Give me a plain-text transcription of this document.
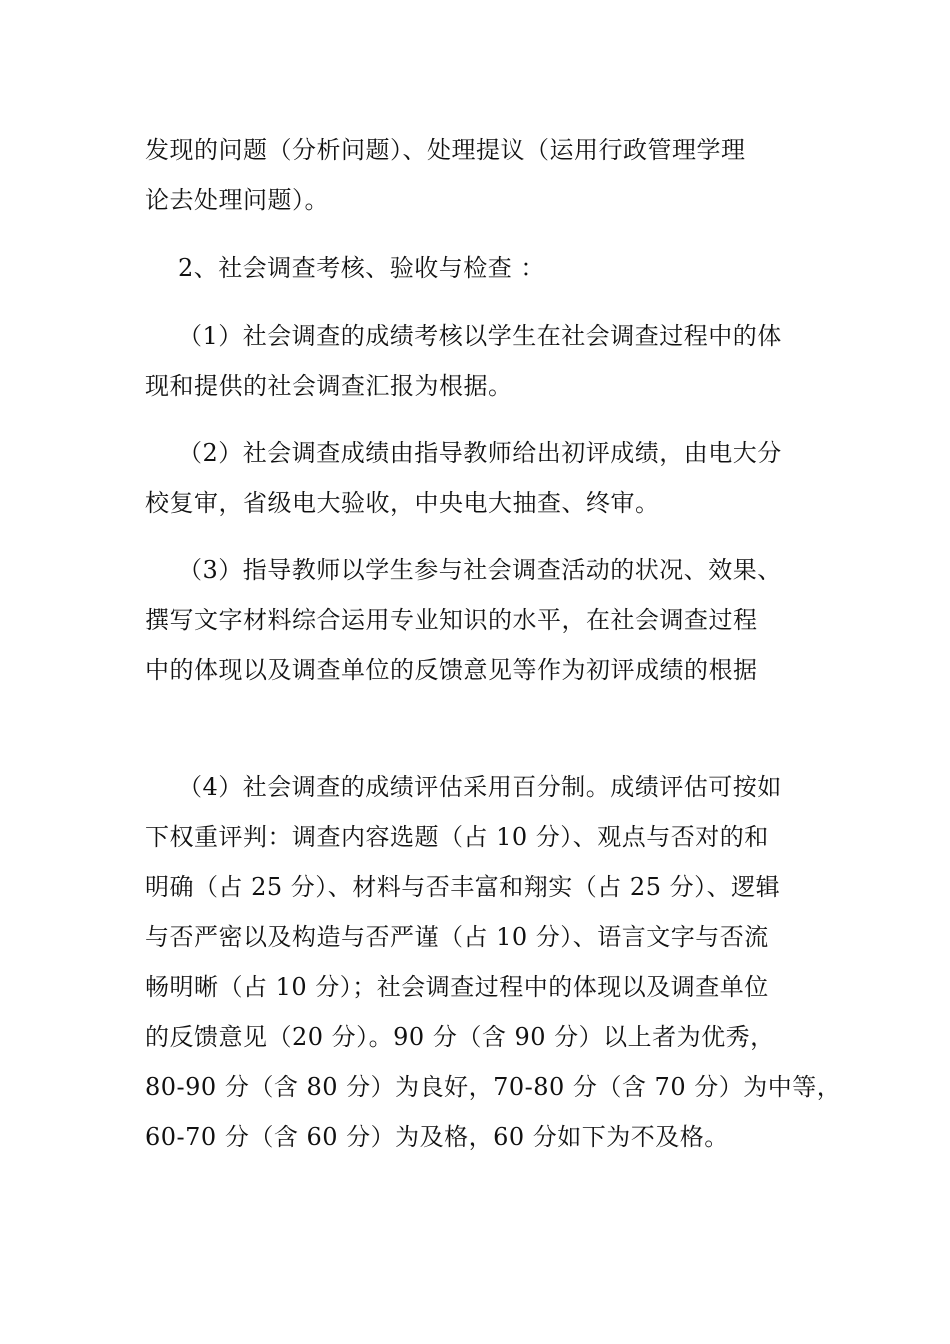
发现的问题（分析问题）、处理提议（运用行政管理学理
论去处理问题）。
2、社会调查考核、验收与检查 ：
（1）社会调查的成绩考核以学生在社会调查过程中的体
现和提供的社会调查汇报为根据。
（2）社会调查成绩由指导教师给出初评成绩，由电大分
校复审，省级电大验收，中央电大抽查、终审。
（3）指导教师以学生参与社会调查活动的状况、效果、
撰写文字材料综合运用专业知识的水平，在社会调查过程
中的体现以及调查单位的反馈意见等作为初评成绩的根据
（4）社会调查的成绩评估采用百分制。成绩评估可按如
下权重评判：调查内容选题（占 10 分）、观点与否对的和
明确（占 25 分）、材料与否丰富和翔实（占 25 分）、逻辑
与否严密以及构造与否严谨（占 10 分）、语言文字与否流
畅明晰（占 10 分）；社会调查过程中的体现以及调查单位
的反馈意见（20 分）。90 分（含 90 分）以上者为优秀，
80-90 分（含 80 分）为良好，70-80 分（含 70 分）为中等，
60-70 分（含 60 分）为及格，60 分如下为不及格。
